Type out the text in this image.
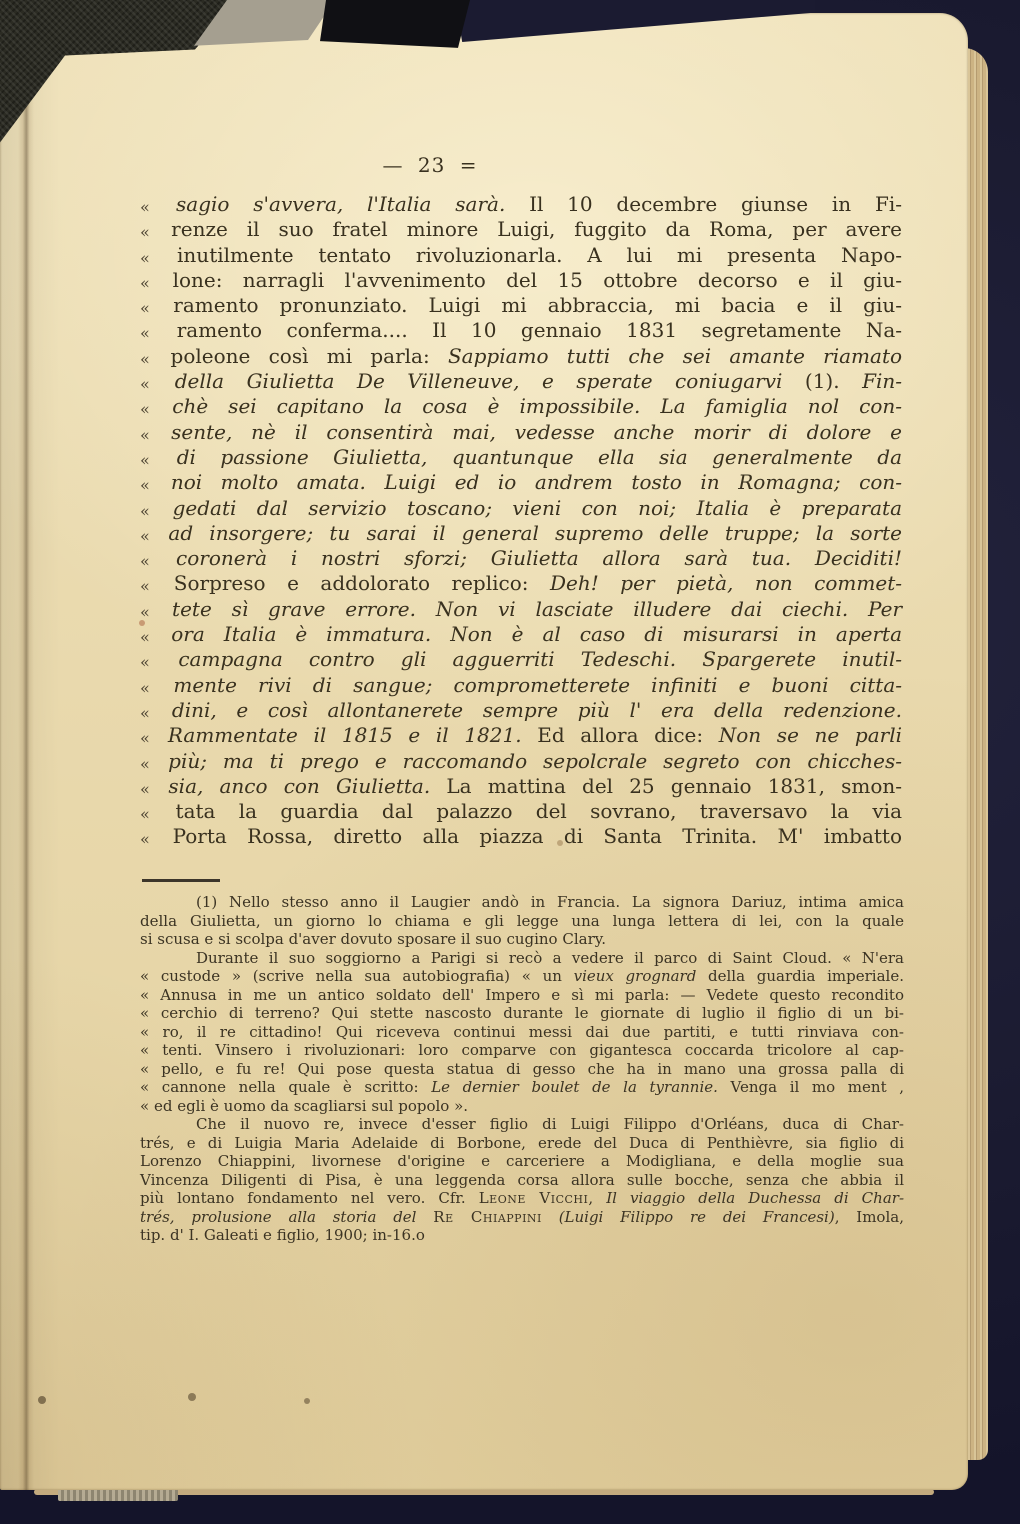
— 23 =
« sagio s'avvera, l'Italia sarà. Il 10 decembre giunse in Fi-
« renze il suo fratel minore Luigi, fuggito da Roma, per avere
« inutilmente tentato rivoluzionarla. A lui mi presenta Napo-
« lone: narragli l'avvenimento del 15 ottobre decorso e il giu-
« ramento pronunziato. Luigi mi abbraccia, mi bacia e il giu-
« ramento conferma.... Il 10 gennaio 1831 segretamente Na-
« poleone così mi parla: Sappiamo tutti che sei amante riamato
« della Giulietta De Villeneuve, e sperate coniugarvi (1). Fin-
« chè sei capitano la cosa è impossibile. La famiglia nol con-
« sente, nè il consentirà mai, vedesse anche morir di dolore e
« di passione Giulietta, quantunque ella sia generalmente da
« noi molto amata. Luigi ed io andrem tosto in Romagna; con-
« gedati dal servizio toscano; vieni con noi; Italia è preparata
« ad insorgere; tu sarai il general supremo delle truppe; la sorte
« coronerà i nostri sforzi; Giulietta allora sarà tua. Deciditi!
« Sorpreso e addolorato replico: Deh! per pietà, non commet-
« tete sì grave errore. Non vi lasciate illudere dai ciechi. Per
« ora Italia è immatura. Non è al caso di misurarsi in aperta
« campagna contro gli agguerriti Tedeschi. Spargerete inutil-
« mente rivi di sangue; comprometterete infiniti e buoni citta-
« dini, e così allontanerete sempre più l' era della redenzione.
« Rammentate il 1815 e il 1821. Ed allora dice: Non se ne parli
« più; ma ti prego e raccomando sepolcrale segreto con chicches-
« sia, anco con Giulietta. La mattina del 25 gennaio 1831, smon-
« tata la guardia dal palazzo del sovrano, traversavo la via
« Porta Rossa, diretto alla piazza di Santa Trinita. M' imbatto
(1) Nello stesso anno il Laugier andò in Francia. La signora Dariuz, intima amica
della Giulietta, un giorno lo chiama e gli legge una lunga lettera di lei, con la quale
si scusa e si scolpa d'aver dovuto sposare il suo cugino Clary.
Durante il suo soggiorno a Parigi si recò a vedere il parco di Saint Cloud. « N'era
« custode » (scrive nella sua autobiografia) « un vieux grognard della guardia imperiale.
« Annusa in me un antico soldato dell' Impero e sì mi parla: — Vedete questo recondito
« cerchio di terreno? Qui stette nascosto durante le giornate di luglio il figlio di un bi-
« ro, il re cittadino! Qui riceveva continui messi dai due partiti, e tutti rinviava con-
« tenti. Vinsero i rivoluzionari: loro comparve con gigantesca coccarda tricolore al cap-
« pello, e fu re! Qui pose questa statua di gesso che ha in mano una grossa palla di
« cannone nella quale è scritto: Le dernier boulet de la tyrannie. Venga il mo ment ,
« ed egli è uomo da scagliarsi sul popolo ».
Che il nuovo re, invece d'esser figlio di Luigi Filippo d'Orléans, duca di Char-
trés, e di Luigia Maria Adelaide di Borbone, erede del Duca di Penthièvre, sia figlio di
Lorenzo Chiappini, livornese d'origine e carceriere a Modigliana, e della moglie sua
Vincenza Diligenti di Pisa, è una leggenda corsa allora sulle bocche, senza che abbia il
più lontano fondamento nel vero. Cfr. Leone Vicchi, Il viaggio della Duchessa di Char-
trés, prolusione alla storia del Re Chiappini (Luigi Filippo re dei Francesi), Imola,
tip. d' I. Galeati e figlio, 1900; in-16.o
